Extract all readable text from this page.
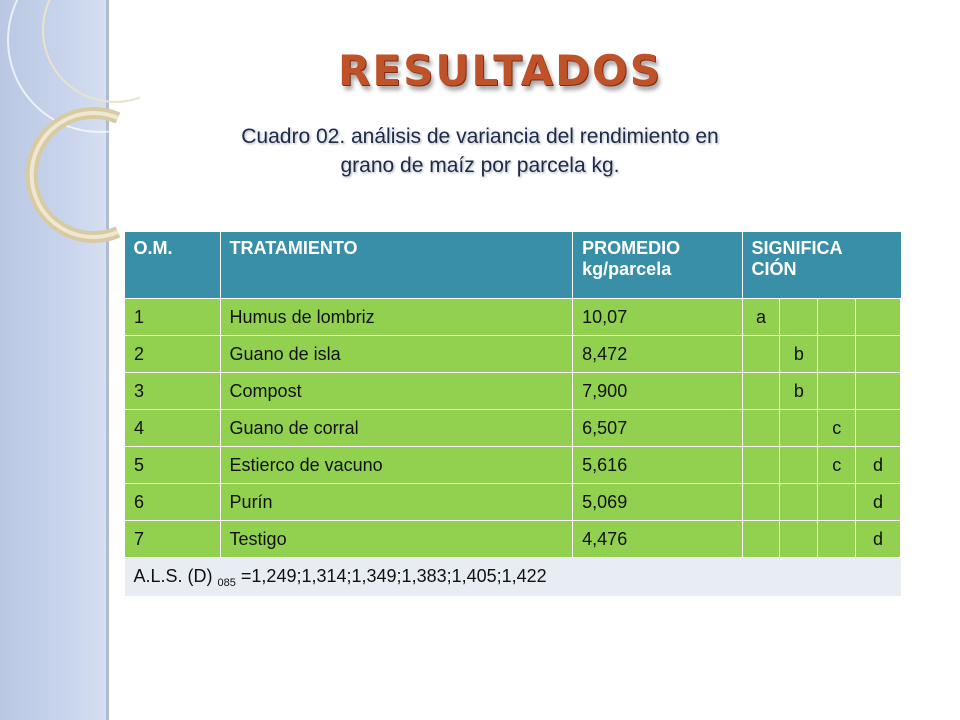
RESULTADOS
Cuadro 02. análisis de variancia del rendimiento en
grano de maíz por parcela kg.
O.M.	TRATAMIENTO	PROMEDIO kg/parcela	SIGNIFICA CIÓN			
1	Humus de lombriz	10,07	a			
2	Guano de isla	8,472		b		
3	Compost	7,900		b		
4	Guano de corral	6,507			c	
5	Estierco de vacuno	5,616			c	d
6	Purín	5,069				d
7	Testigo	4,476				d
A.L.S. (D) $_{085}$ =1,249;1,314;1,349;1,383;1,405;1,422						
